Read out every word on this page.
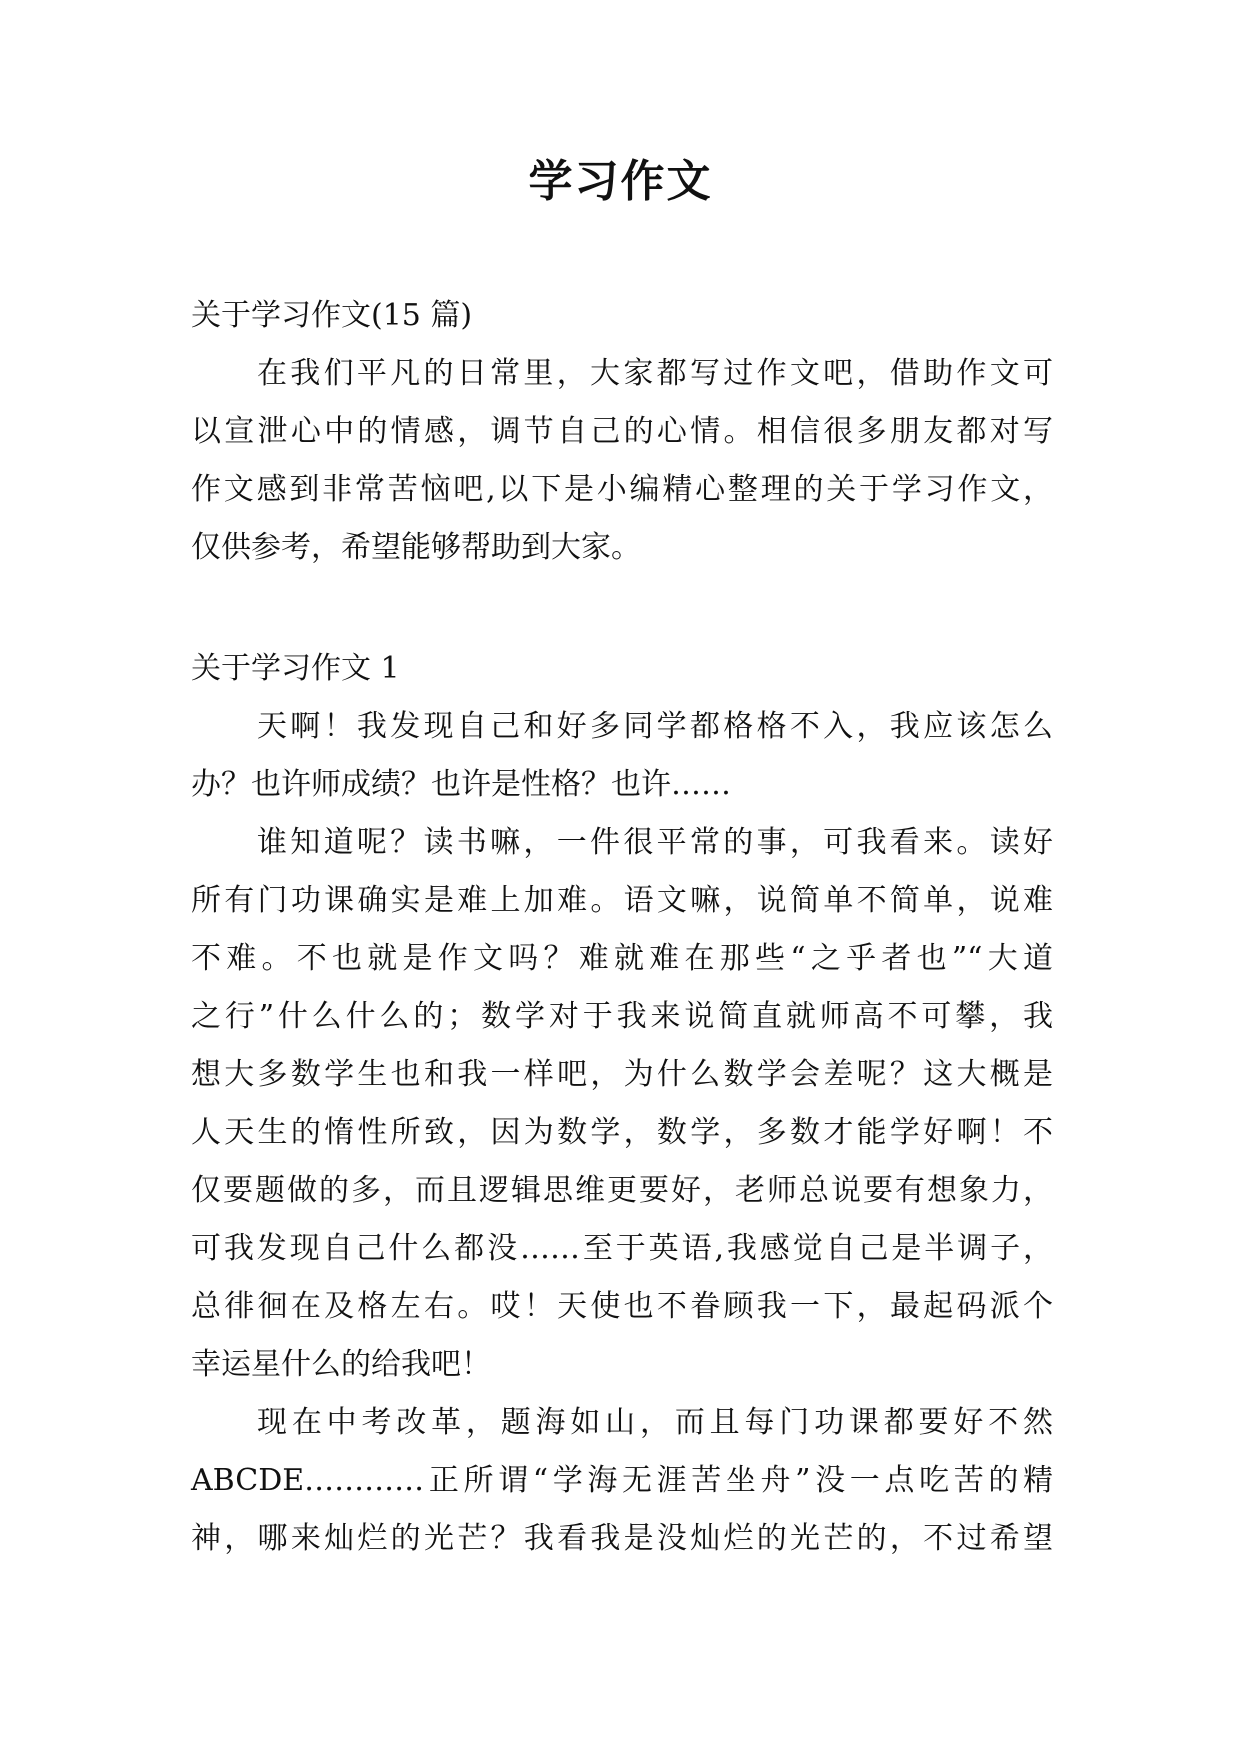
学习作文
关于学习作文(15 篇)
在我们平凡的日常里，大家都写过作文吧，借助作文可
以宣泄心中的情感，调节自己的心情。相信很多朋友都对写
作文感到非常苦恼吧,以下是小编精心整理的关于学习作文，
仅供参考，希望能够帮助到大家。
关于学习作文 1
天啊！我发现自己和好多同学都格格不入，我应该怎么
办？也许师成绩？也许是性格？也许……
谁知道呢？读书嘛，一件很平常的事，可我看来。读好
所有门功课确实是难上加难。语文嘛，说简单不简单，说难
不难。不也就是作文吗？难就难在那些“之乎者也”“大道
之行”什么什么的；数学对于我来说简直就师高不可攀，我
想大多数学生也和我一样吧，为什么数学会差呢？这大概是
人天生的惰性所致，因为数学，数学，多数才能学好啊！不
仅要题做的多，而且逻辑思维更要好，老师总说要有想象力，
可我发现自己什么都没……至于英语,我感觉自己是半调子，
总徘徊在及格左右。哎！天使也不眷顾我一下，最起码派个
幸运星什么的给我吧！
现在中考改革，题海如山，而且每门功课都要好不然
ABCDE…………正所谓“学海无涯苦坐舟”没一点吃苦的精
神，哪来灿烂的光芒？我看我是没灿烂的光芒的，不过希望
